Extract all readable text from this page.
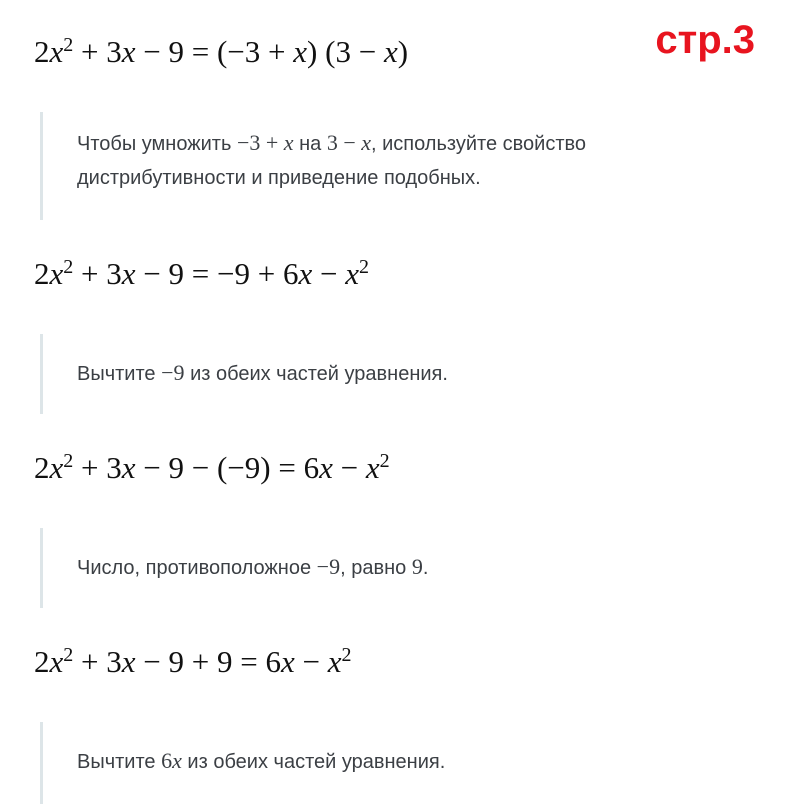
стр.3
$2x^2 + 3x - 9 = (-3 + x) (3 - x)$
Чтобы умножить −3 + x на 3 − x, используйте свойство дистрибутивности и приведение подобных.
$2x^2 + 3x - 9 = -9 + 6x - x^2$
Вычтите −9 из обеих частей уравнения.
$2x^2 + 3x - 9 - (-9) = 6x - x^2$
Число, противоположное −9, равно 9.
$2x^2 + 3x - 9 + 9 = 6x - x^2$
Вычтите 6x из обеих частей уравнения.
